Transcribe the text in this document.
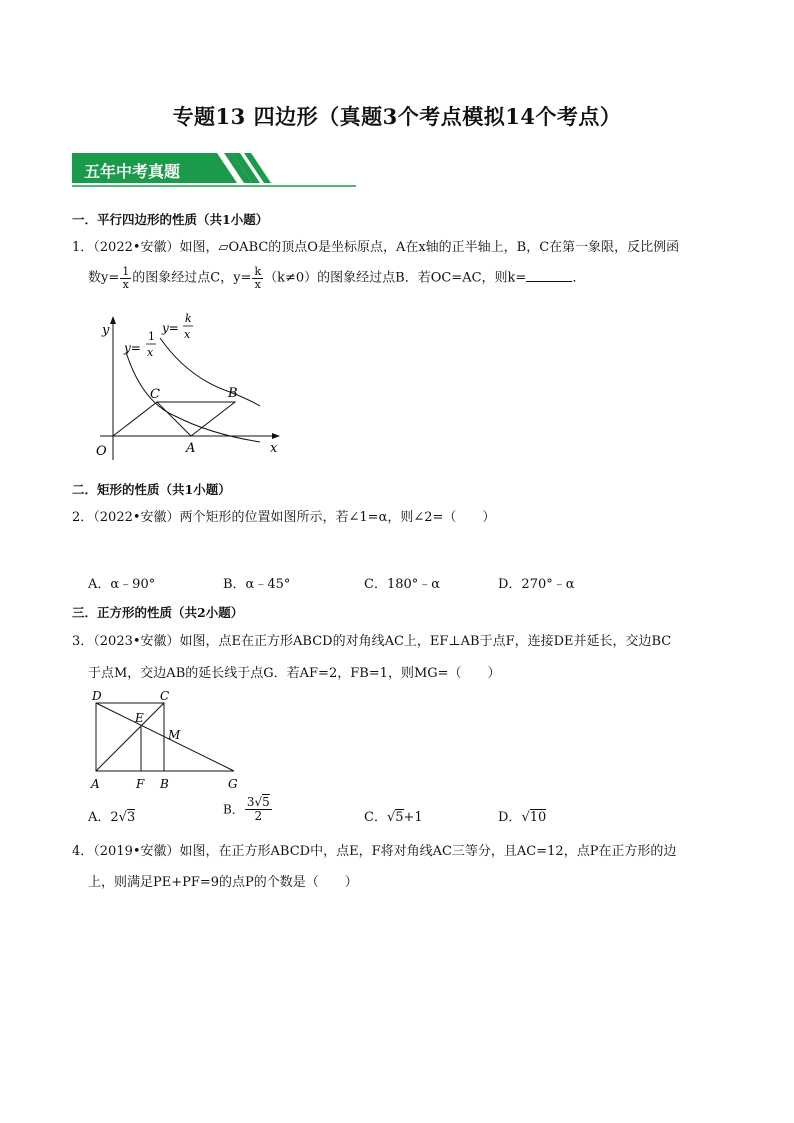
专题13 四边形（真题3个考点模拟14个考点）
五年中考真题
一．平行四边形的性质（共1小题）
1．（2022•安徽）如图，▱OABC的顶点O是坐标原点，A在x轴的正半轴上，B，C在第一象限，反比例函
数$y= \frac{1}{x}$ 的图象经过点C，$y= \frac{k}{x} (k\ne 0)$的图象经过点B．若OC=AC，则k=	．
y
x
O	A
B
C
y=
1
x
y=
k
x
二．矩形的性质（共1小题）
2．（2022•安徽）两个矩形的位置如图所示，若∠1=α，则∠2=（　　）
A．α﹣90°	B．α﹣45°	C．180°﹣α	D．270°﹣α
三．正方形的性质（共2小题）
3．（2023•安徽）如图，点E在正方形ABCD的对角线AC上，EF⊥AB于点F，连接DE并延长，交边BC
于点M，交边AB的延长线于点G．若AF=2，FB=1，则MG=（　　）
D	C
E
M
A	F B	G
A．2√3
B． $\frac{3√5}{2}$	C．√5+1	D．√10
4．（2019•安徽）如图，在正方形ABCD中，点E，F将对角线AC三等分，且AC=12，点P在正方形的边
上，则满足PE+PF=9的点P的个数是（　　）
